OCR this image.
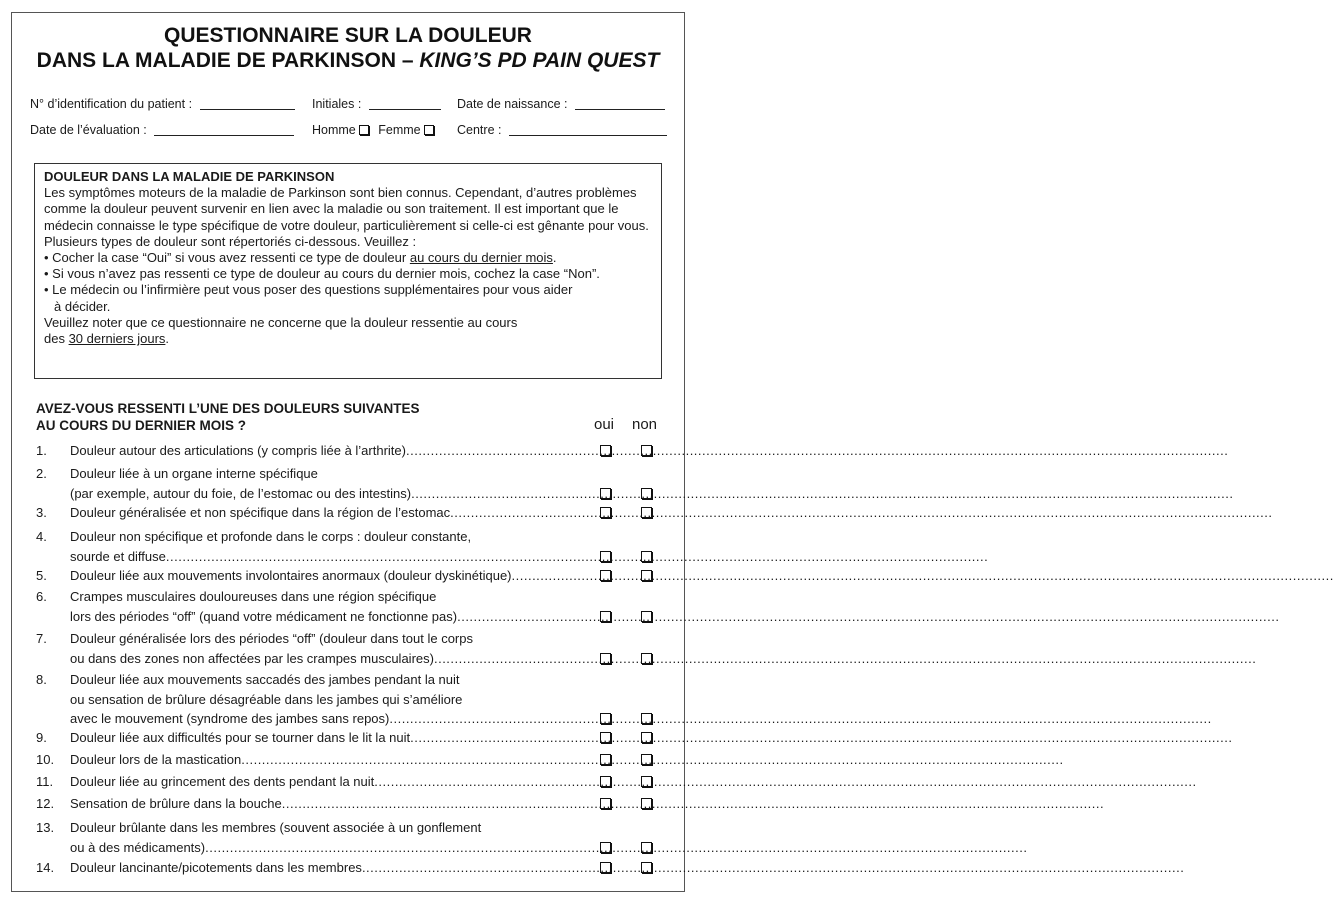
QUESTIONNAIRE SUR LA DOULEUR
DANS LA MALADIE DE PARKINSON – KING’S PD PAIN QUEST
N° d’identification du patient :	Initiales :	Date de naissance :
Date de l’évaluation :	Homme Femme	Centre :
DOULEUR DANS LA MALADIE DE PARKINSON

Les symptômes moteurs de la maladie de Parkinson sont bien connus. Cependant, d’autres problèmes comme la douleur peuvent survenir en lien avec la maladie ou son traitement. Il est important que le médecin connaisse le type spécifique de votre douleur, particulièrement si celle-ci est gênante pour vous.

Plusieurs types de douleur sont répertoriés ci-dessous. Veuillez :

• Cocher la case “Oui” si vous avez ressenti ce type de douleur au cours du dernier mois.

• Si vous n’avez pas ressenti ce type de douleur au cours du dernier mois, cochez la case “Non”.

• Le médecin ou l’infirmière peut vous poser des questions supplémentaires pour vous aider

à décider.

Veuillez noter que ce questionnaire ne concerne que la douleur ressentie au cours

des 30 derniers jours.

AVEZ-VOUS RESSENTI L’UNE DES DOULEURS SUIVANTES
AU COURS DU DERNIER MOIS ?	oui non
1.	Douleur autour des articulations (y compris liée à l’arthrite) ........................................................................................................................................................................................................
2.	Douleur liée à un organe interne spécifique
(par exemple, autour du foie, de l’estomac ou des intestins) ........................................................................................................................................................................................................
3.	Douleur généralisée et non spécifique dans la région de l’estomac ........................................................................................................................................................................................................
4.	Douleur non spécifique et profonde dans le corps : douleur constante,
sourde et diffuse ........................................................................................................................................................................................................
5.	Douleur liée aux mouvements involontaires anormaux (douleur dyskinétique) ........................................................................................................................................................................................................
6.	Crampes musculaires douloureuses dans une région spécifique
lors des périodes “off” (quand votre médicament ne fonctionne pas) ........................................................................................................................................................................................................
7.	Douleur généralisée lors des périodes “off” (douleur dans tout le corps
ou dans des zones non affectées par les crampes musculaires) ........................................................................................................................................................................................................
8.	Douleur liée aux mouvements saccadés des jambes pendant la nuit
ou sensation de brûlure désagréable dans les jambes qui s’améliore
avec le mouvement (syndrome des jambes sans repos) ........................................................................................................................................................................................................
9.	Douleur liée aux difficultés pour se tourner dans le lit la nuit ........................................................................................................................................................................................................
10.	Douleur lors de la mastication ........................................................................................................................................................................................................
11.	Douleur liée au grincement des dents pendant la nuit ........................................................................................................................................................................................................
12.	Sensation de brûlure dans la bouche ........................................................................................................................................................................................................
13.	Douleur brûlante dans les membres (souvent associée à un gonflement
ou à des médicaments) ........................................................................................................................................................................................................
14.	Douleur lancinante/picotements dans les membres ........................................................................................................................................................................................................
